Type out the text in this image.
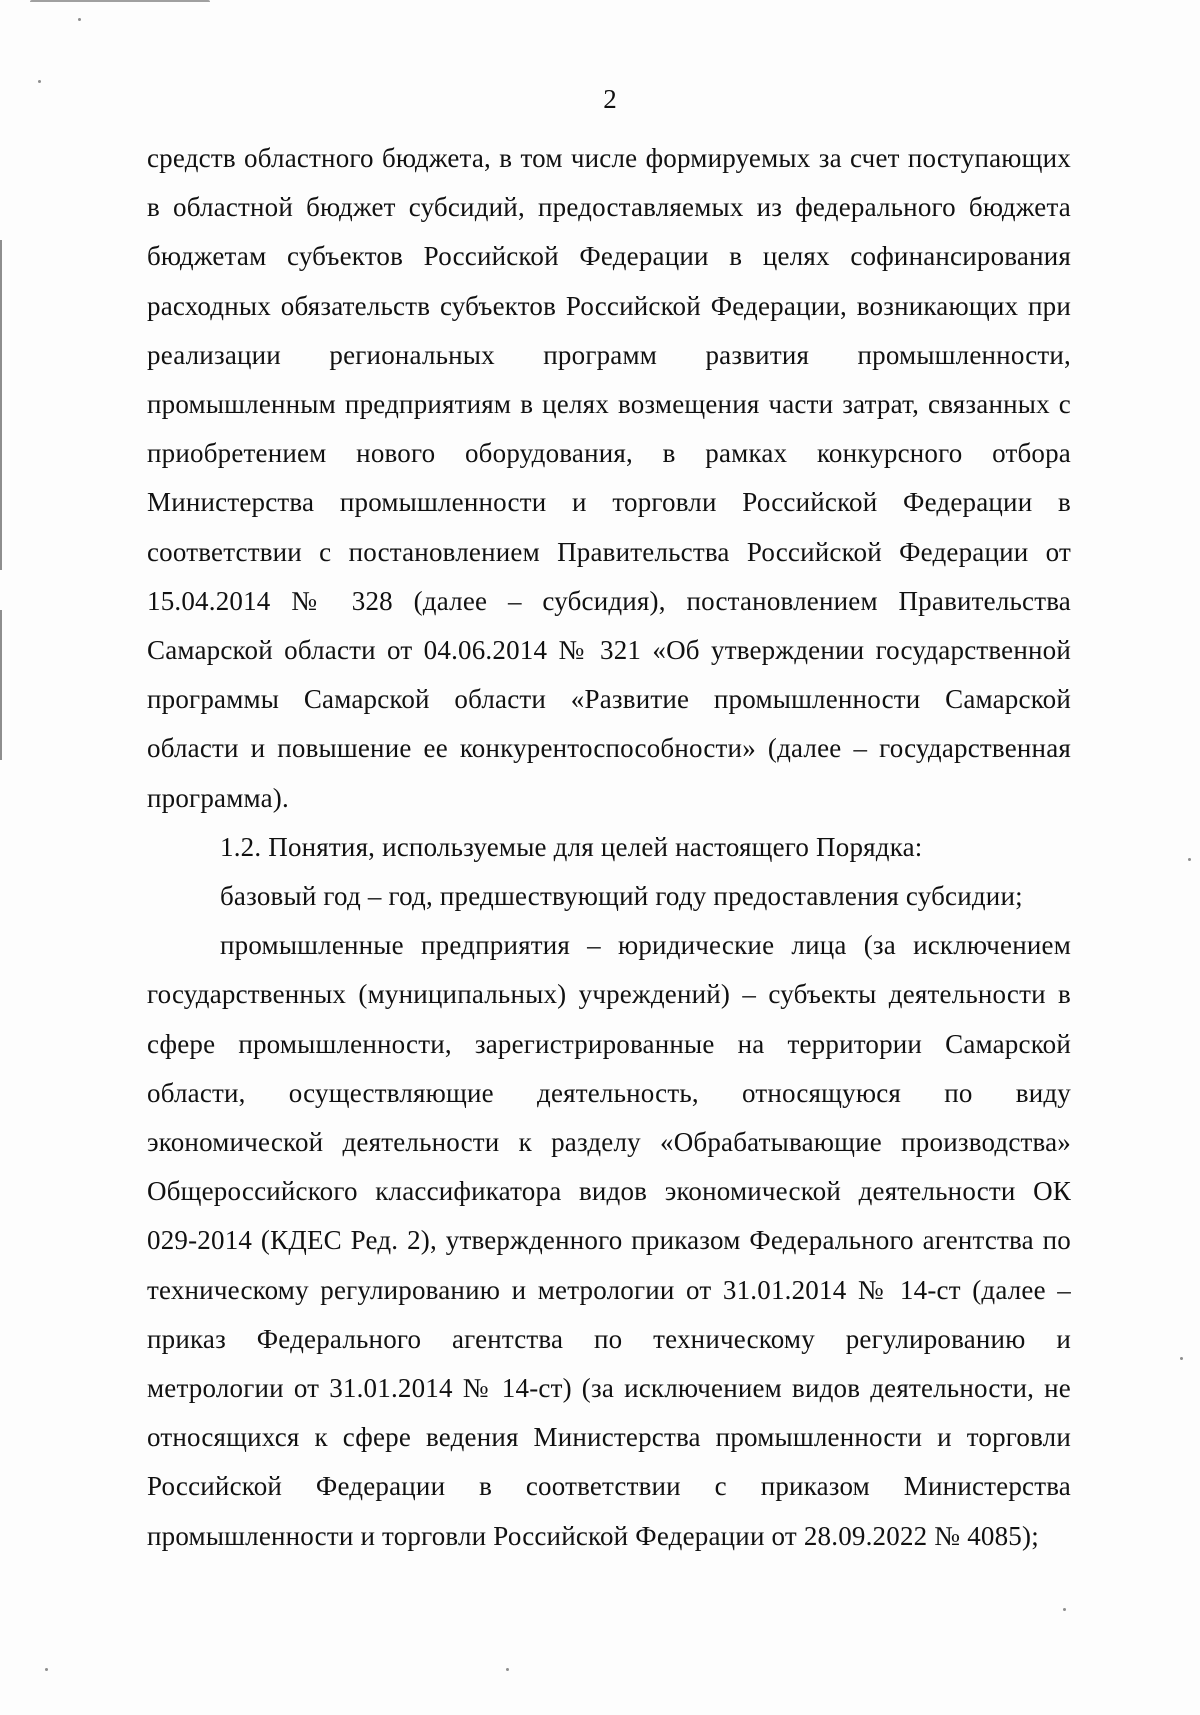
2

средств областного бюджета, в том числе формируемых за счет поступающих в областной бюджет субсидий, предоставляемых из федерального бюджета бюджетам субъектов Российской Федерации в целях софинансирования расходных обязательств субъектов Российской Федерации, возникающих при реализации региональных программ развития промышленности, промышленным предприятиям в целях возмещения части затрат, связанных с приобретением нового оборудования, в рамках конкурсного отбора Министерства промышленности и торговли Российской Федерации в соответствии с постановлением Правительства Российской Федерации от 15.04.2014 № 328 (далее – субсидия), постановлением Правительства Самарской области от 04.06.2014 № 321 «Об утверждении государственной программы Самарской области «Развитие промышленности Самарской области и повышение ее конкурентоспособности» (далее – государственная программа).

1.2. Понятия, используемые для целей настоящего Порядка:

базовый год – год, предшествующий году предоставления субсидии;

промышленные предприятия – юридические лица (за исключением государственных (муниципальных) учреждений) – субъекты деятельности в сфере промышленности, зарегистрированные на территории Самарской области, осуществляющие деятельность, относящуюся по виду экономической деятельности к разделу «Обрабатывающие производства» Общероссийского классификатора видов экономической деятельности ОК 029-2014 (КДЕС Ред. 2), утвержденного приказом Федерального агентства по техническому регулированию и метрологии от 31.01.2014 № 14-ст (далее – приказ Федерального агентства по техническому регулированию и метрологии от 31.01.2014 № 14-ст) (за исключением видов деятельности, не относящихся к сфере ведения Министерства промышленности и торговли Российской Федерации в соответствии с приказом Министерства промышленности и торговли Российской Федерации от 28.09.2022 № 4085);
